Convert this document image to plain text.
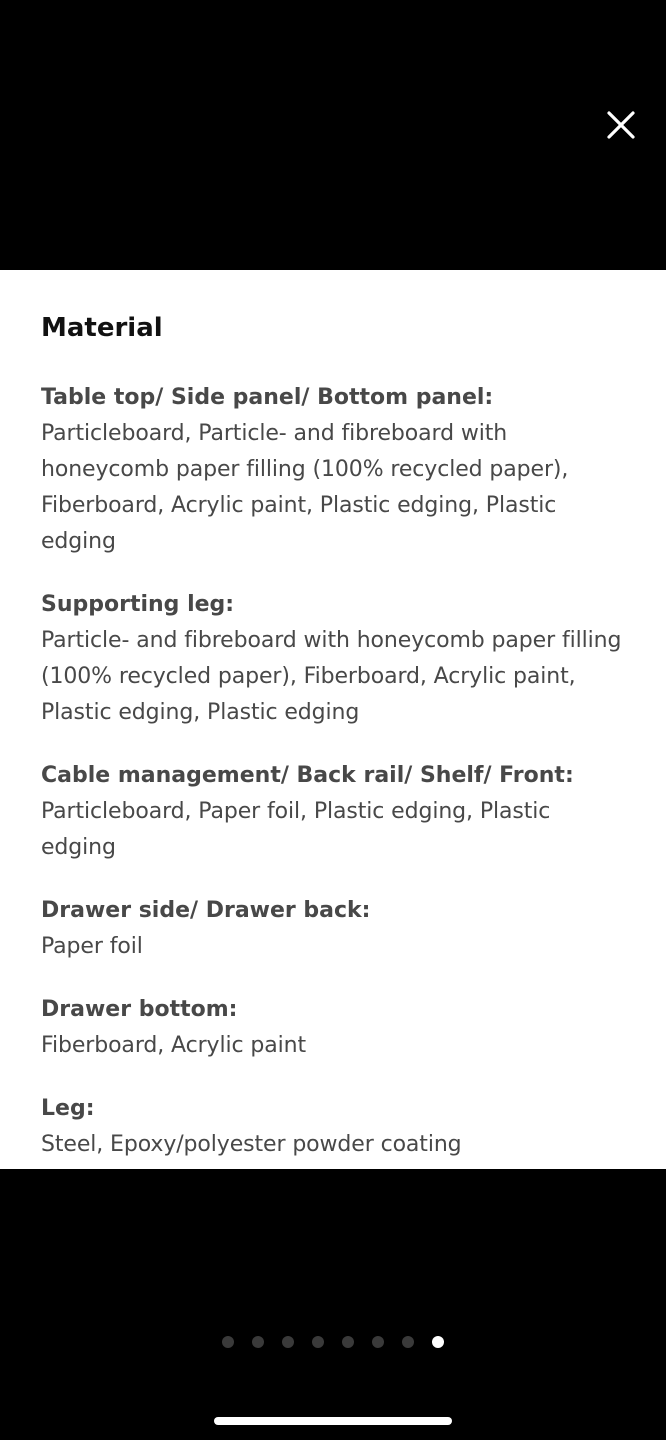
Material

Table top/ Side panel/ Bottom panel:

Particleboard, Particle- and fibreboard with honeycomb paper filling (100% recycled paper), Fiberboard, Acrylic paint, Plastic edging, Plastic edging

Supporting leg:

Particle- and fibreboard with honeycomb paper filling (100% recycled paper), Fiberboard, Acrylic paint, Plastic edging, Plastic edging

Cable management/ Back rail/ Shelf/ Front:

Particleboard, Paper foil, Plastic edging, Plastic edging

Drawer side/ Drawer back:

Paper foil

Drawer bottom:

Fiberboard, Acrylic paint

Leg:

Steel, Epoxy/polyester powder coating
